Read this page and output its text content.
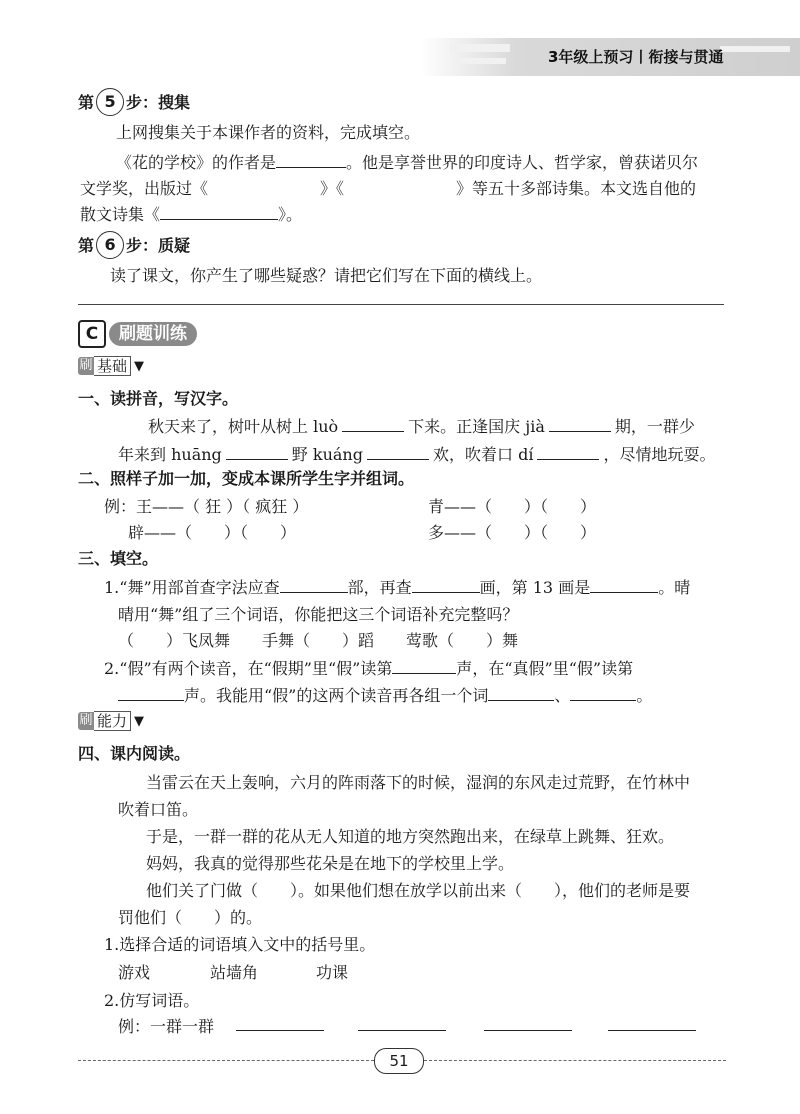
3年级上预习丨衔接与贯通
第 5 步：搜集
上网搜集关于本课作者的资料，完成填空。
《花的学校》的作者是	。他是享誉世界的印度诗人、哲学家，曾获诺贝尔
文学奖，出版过《	》《	》等五十多部诗集。本文选自他的
散文诗集《	》。
第 6 步：质疑
读了课文，你产生了哪些疑惑？请把它们写在下面的横线上。
C	刷题训练
刷 基础 ▼
一、读拼音，写汉字。
秋天来了，树叶从树上 luò	下来。正逢国庆 jià	期，一群少
年来到 huāng	野 kuáng	欢，吹着口 dí	，尽情地玩耍。
二、照样子加一加，变成本课所学生字并组词。
例：王——（ 狂 ）（ 疯狂 ）	青——（　　）（　　）
辟——（　　）（　　）	多——（　　）（　　）
三、填空。
1.“舞”用部首查字法应查	部，再查	画，第 13 画是	。晴
晴用“舞”组了三个词语，你能把这三个词语补充完整吗？
（　　）飞凤舞　　手舞（　　）蹈　　莺歌（　　）舞
2.“假”有两个读音，在“假期”里“假”读第	声，在“真假”里“假”读第
声。我能用“假”的这两个读音再各组一个词	、	。
刷 能力 ▼
四、课内阅读。
当雷云在天上轰响，六月的阵雨落下的时候，湿润的东风走过荒野，在竹林中
吹着口笛。
于是，一群一群的花从无人知道的地方突然跑出来，在绿草上跳舞、狂欢。
妈妈，我真的觉得那些花朵是在地下的学校里上学。
他们关了门做（　　）。如果他们想在放学以前出来（　　），他们的老师是要
罚他们（　　）的。
1.选择合适的词语填入文中的括号里。
游戏	站墙角	功课
2.仿写词语。
例：一群一群
51
